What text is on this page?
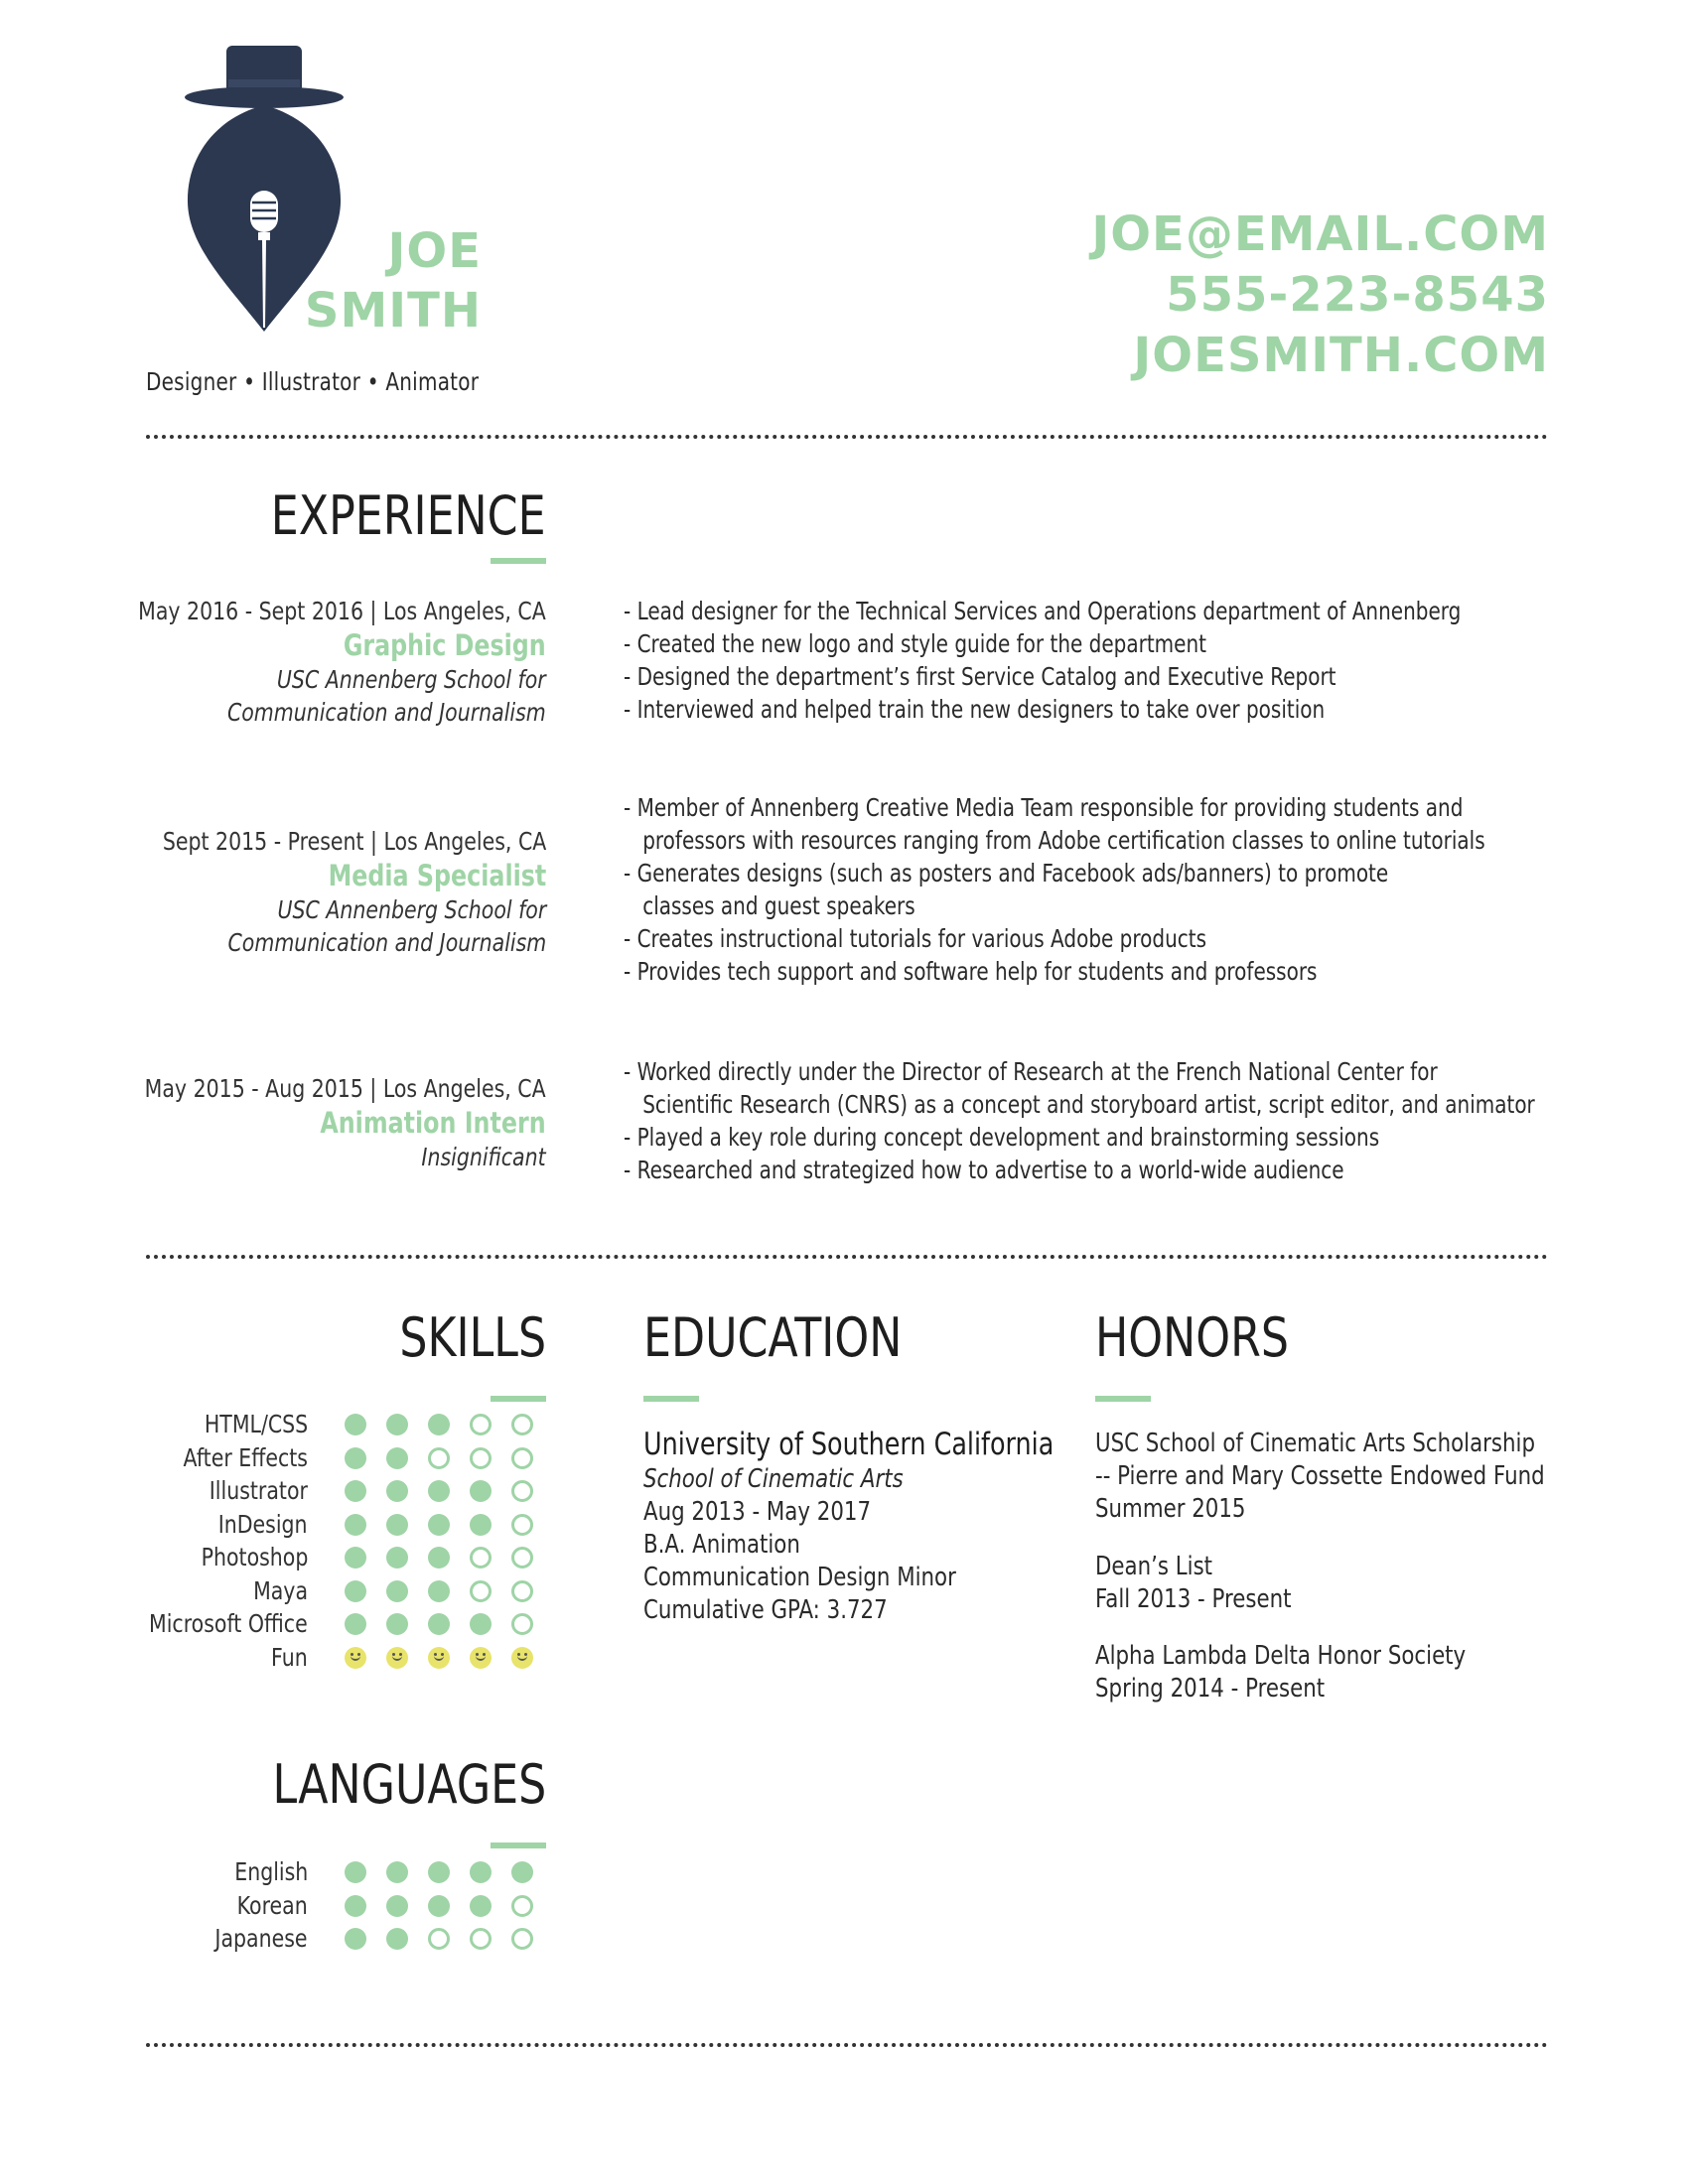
JOE
SMITH
Designer • Illustrator • Animator
JOE@EMAIL.COM
555-223-8543
JOESMITH.COM
EXPERIENCE
May 2016 - Sept 2016 | Los Angeles, CA
Graphic Design
USC Annenberg School for
Communication and Journalism
- Lead designer for the Technical Services and Operations department of Annenberg
- Created the new logo and style guide for the department
- Designed the department’s first Service Catalog and Executive Report
- Interviewed and helped train the new designers to take over position
Sept 2015 - Present | Los Angeles, CA
Media Specialist
USC Annenberg School for
Communication and Journalism
- Member of Annenberg Creative Media Team responsible for providing students and
professors with resources ranging from Adobe certification classes to online tutorials
- Generates designs (such as posters and Facebook ads/banners) to promote
classes and guest speakers
- Creates instructional tutorials for various Adobe products
- Provides tech support and software help for students and professors
May 2015 - Aug 2015 | Los Angeles, CA
Animation Intern
Insignificant
- Worked directly under the Director of Research at the French National Center for
Scientific Research (CNRS) as a concept and storyboard artist, script editor, and animator
- Played a key role during concept development and brainstorming sessions
- Researched and strategized how to advertise to a world-wide audience
SKILLS
HTML/CSS
After Effects
Illustrator
InDesign
Photoshop
Maya
Microsoft Office
Fun
LANGUAGES
English
Korean
Japanese
EDUCATION
University of Southern California
School of Cinematic Arts
Aug 2013 - May 2017
B.A. Animation
Communication Design Minor
Cumulative GPA: 3.727
HONORS
USC School of Cinematic Arts Scholarship
-- Pierre and Mary Cossette Endowed Fund
Summer 2015
Dean’s List
Fall 2013 - Present
Alpha Lambda Delta Honor Society
Spring 2014 - Present
